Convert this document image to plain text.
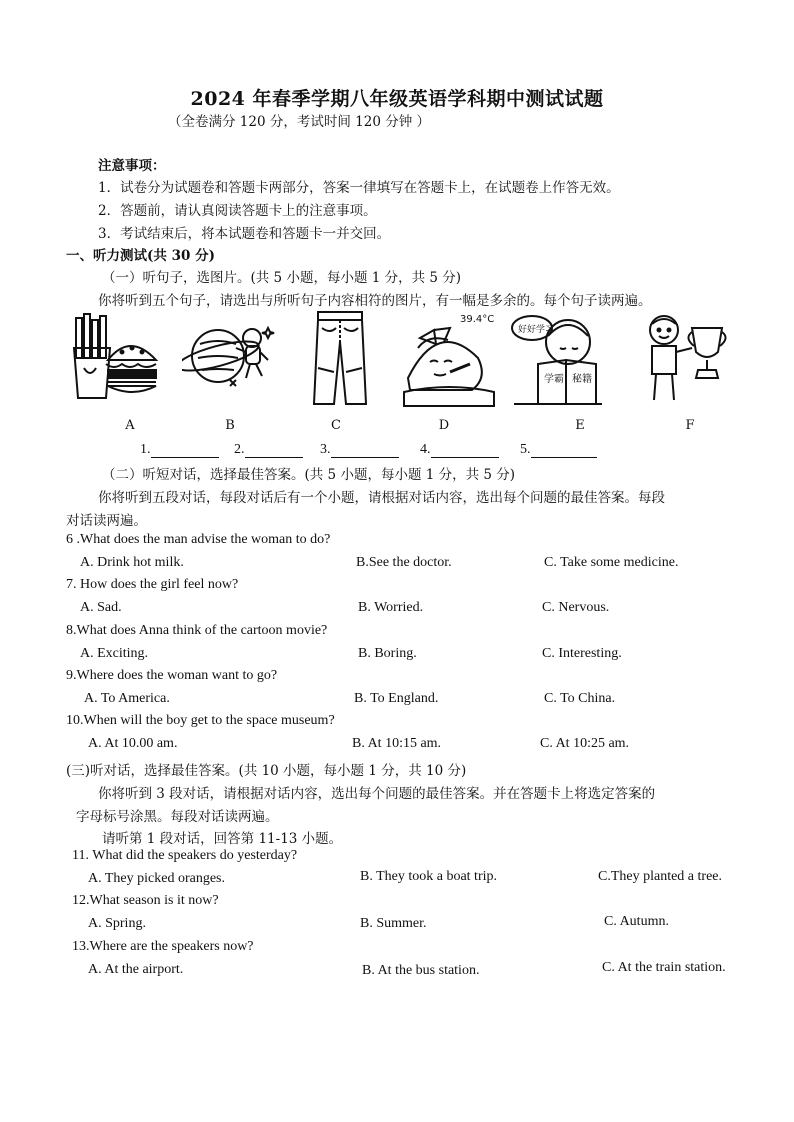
2024 年春季学期八年级英语学科期中测试试题
（全卷满分 120 分，考试时间 120 分钟 ）
注意事项：
1．试卷分为试题卷和答题卡两部分，答案一律填写在答题卡上，在试题卷上作答无效。
2．答题前，请认真阅读答题卡上的注意事项。
3．考试结束后，将本试题卷和答题卡一并交回。
一、听力测试(共 30 分)
（一）听句子，选图片。(共 5 小题，每小题 1 分，共 5 分)
你将听到五个句子，请选出与所听句子内容相符的图片，有一幅是多余的。每个句子读两遍。
39.4°C
好好学习
学霸 秘籍
A	B	C	D	E	F
1.	2.	3.	4.	5.
（二）听短对话，选择最佳答案。(共 5 小题，每小题 1 分，共 5 分)
你将听到五段对话，每段对话后有一个小题，请根据对话内容，选出每个问题的最佳答案。每段
对话读两遍。
6 .What does the man advise the woman to do?
A. Drink hot milk.	B.See the doctor.	C. Take some medicine.
7. How does the girl feel now?
A. Sad.	B. Worried.	C. Nervous.
8.What does Anna think of the cartoon movie?
A. Exciting.	B. Boring.	C. Interesting.
9.Where does the woman want to go?
A. To America.	B. To England.	C. To China.
10.When will the boy get to the space museum?
A. At 10.00 am.	B. At 10:15 am.	C. At 10:25 am.
(三)听对话，选择最佳答案。(共 10 小题，每小题 1 分，共 10 分)
你将听到 3 段对话，请根据对话内容，选出每个问题的最佳答案。并在答题卡上将选定答案的
字母标号涂黑。每段对话读两遍。
请听第 1 段对话，回答第 11-13 小题。
11. What did the speakers do yesterday?
A. They picked oranges.	B. They took a boat trip.	C.They planted a tree.
12.What season is it now?
A. Spring.	B. Summer.	C. Autumn.
13.Where are the speakers now?
A. At the airport.	B. At the bus station.	C. At the train station.
